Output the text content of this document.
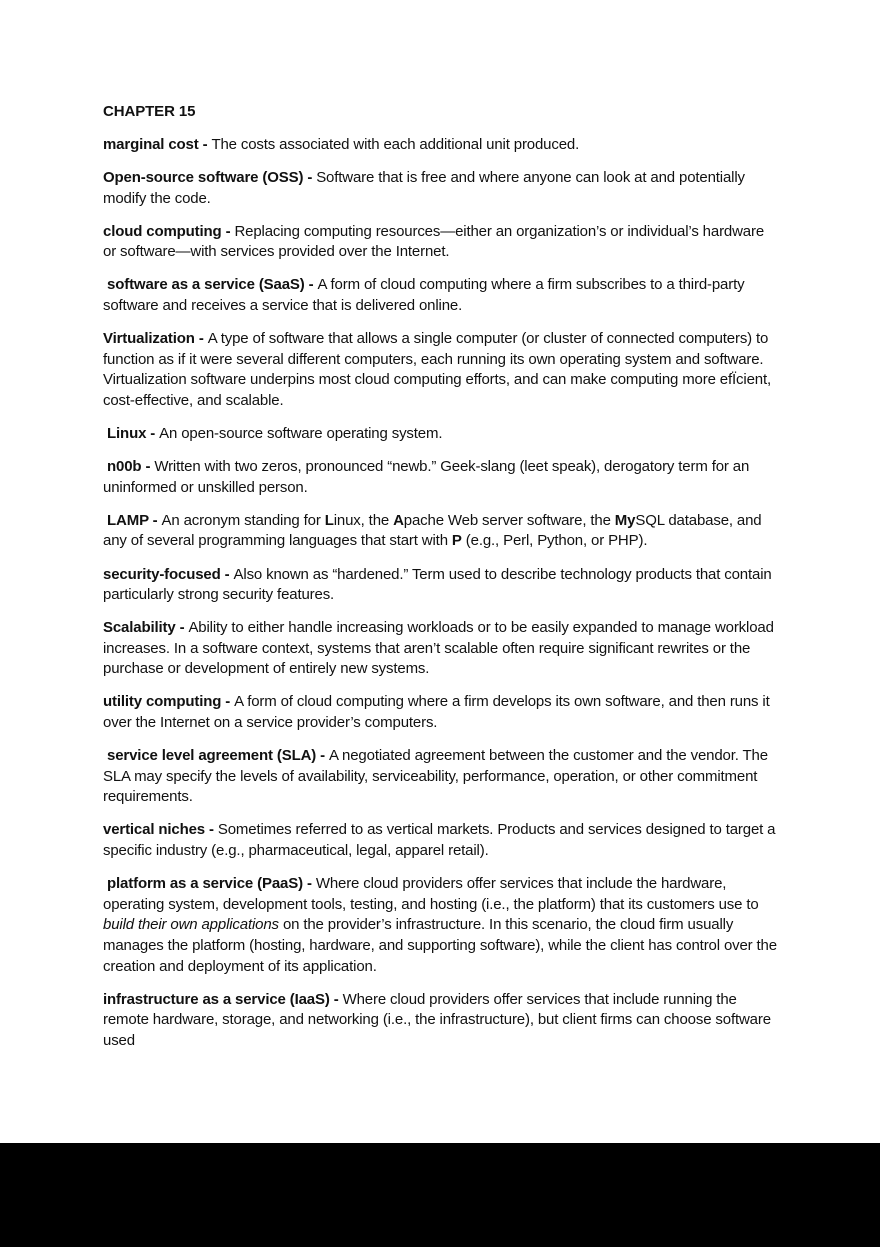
CHAPTER 15

marginal cost - The costs associated with each additional unit produced.

Open-source software (OSS) - Software that is free and where anyone can look at and potentially modify the code.

cloud computing - Replacing computing resources—either an organization’s or individual’s hardware or software—with services provided over the Internet.

software as a service (SaaS) - A form of cloud computing where a firm subscribes to a third-party software and receives a service that is delivered online.

Virtualization - A type of software that allows a single computer (or cluster of connected computers) to function as if it were several different computers, each running its own operating system and software. Virtualization software underpins most cloud computing efforts, and can make computing more efÏcient, cost-effective, and scalable.

Linux - An open-source software operating system.

n00b - Written with two zeros, pronounced “newb.” Geek-slang (leet speak), derogatory term for an uninformed or unskilled person.

LAMP - An acronym standing for Linux, the Apache Web server software, the MySQL database, and any of several programming languages that start with P (e.g., Perl, Python, or PHP).

security-focused - Also known as “hardened.” Term used to describe technology products that contain particularly strong security features.

Scalability - Ability to either handle increasing workloads or to be easily expanded to manage workload increases. In a software context, systems that aren’t scalable often require significant rewrites or the purchase or development of entirely new systems.

utility computing - A form of cloud computing where a firm develops its own software, and then runs it over the Internet on a service provider’s computers.

service level agreement (SLA) - A negotiated agreement between the customer and the vendor. The SLA may specify the levels of availability, serviceability, performance, operation, or other commitment requirements.

vertical niches - Sometimes referred to as vertical markets. Products and services designed to target a specific industry (e.g., pharmaceutical, legal, apparel retail).

platform as a service (PaaS) - Where cloud providers offer services that include the hardware, operating system, development tools, testing, and hosting (i.e., the platform) that its customers use to build their own applications on the provider’s infrastructure. In this scenario, the cloud firm usually manages the platform (hosting, hardware, and supporting software), while the client has control over the creation and deployment of its application.

infrastructure as a service (IaaS) - Where cloud providers offer services that include running the remote hardware, storage, and networking (i.e., the infrastructure), but client firms can choose software used
